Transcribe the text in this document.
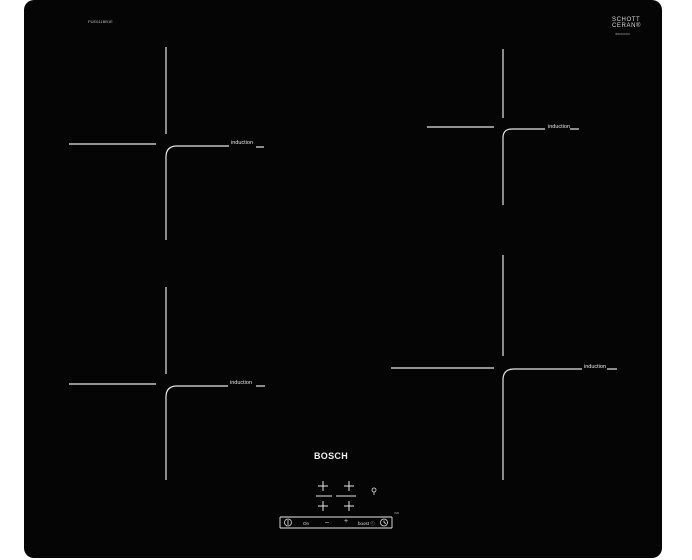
PUE611BB1E	SCHOTT
CERAN®
IBR000000
induction
induction
induction
induction
BOSCH
IND
On – + boost ⓒ
